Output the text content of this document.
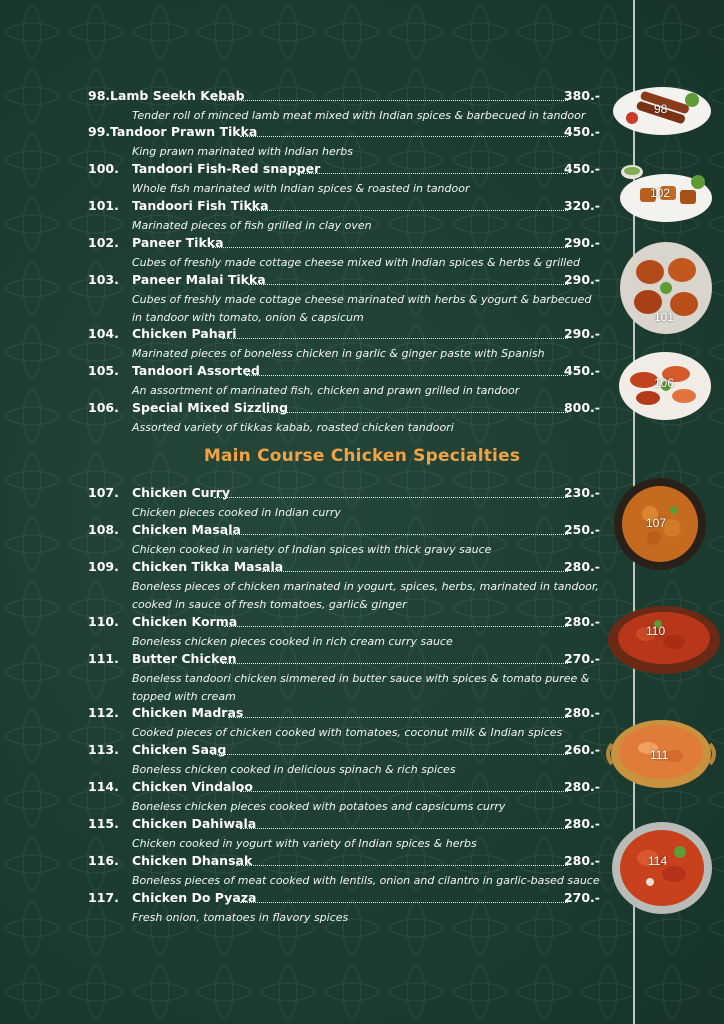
98. Lamb Seekh Kebab	380.-
Tender roll of minced lamb meat mixed with Indian spices & barbecued in tandoor
99. Tandoor Prawn Tikka	450.-
King prawn marinated with Indian herbs
100. Tandoori Fish-Red snapper	450.-
Whole fish marinated with Indian spices & roasted in tandoor
101. Tandoori Fish Tikka	320.-
Marinated pieces of fish grilled in clay oven
102. Paneer Tikka	290.-
Cubes of freshly made cottage cheese mixed with Indian spices & herbs & grilled
103. Paneer Malai Tikka	290.-
Cubes of freshly made cottage cheese marinated with herbs & yogurt & barbecued in tandoor with tomato, onion & capsicum
104. Chicken Pahari	290.-
Marinated pieces of boneless chicken in garlic & ginger paste with Spanish
105. Tandoori Assorted	450.-
An assortment of marinated fish, chicken and prawn grilled in tandoor
106. Special Mixed Sizzling	800.-
Assorted variety of tikkas kabab, roasted chicken tandoori
Main Course Chicken Specialties
107. Chicken Curry	230.-
Chicken pieces cooked in Indian curry
108. Chicken Masala	250.-
Chicken cooked in variety of Indian spices with thick gravy sauce
109. Chicken Tikka Masala	280.-
Boneless pieces of chicken marinated in yogurt, spices, herbs, marinated in tandoor, cooked in sauce of fresh tomatoes, garlic& ginger
110. Chicken Korma	280.-
Boneless chicken pieces cooked in rich cream curry sauce
111. Butter Chicken	270.-
Boneless tandoori chicken simmered in butter sauce with spices & tomato puree & topped with cream
112. Chicken Madras	280.-
Cooked pieces of chicken cooked with tomatoes, coconut milk & Indian spices
113. Chicken Saag	260.-
Boneless chicken cooked in delicious spinach & rich spices
114. Chicken Vindaloo	280.-
Boneless chicken pieces cooked with potatoes and capsicums curry
115. Chicken Dahiwala	280.-
Chicken cooked in yogurt with variety of Indian spices & herbs
116. Chicken Dhansak	280.-
Boneless pieces of meat cooked with lentils, onion and cilantro in garlic-based sauce
117. Chicken Do Pyaza	270.-
Fresh onion, tomatoes in flavory spices
98
102
101
106
107
110
111
114
